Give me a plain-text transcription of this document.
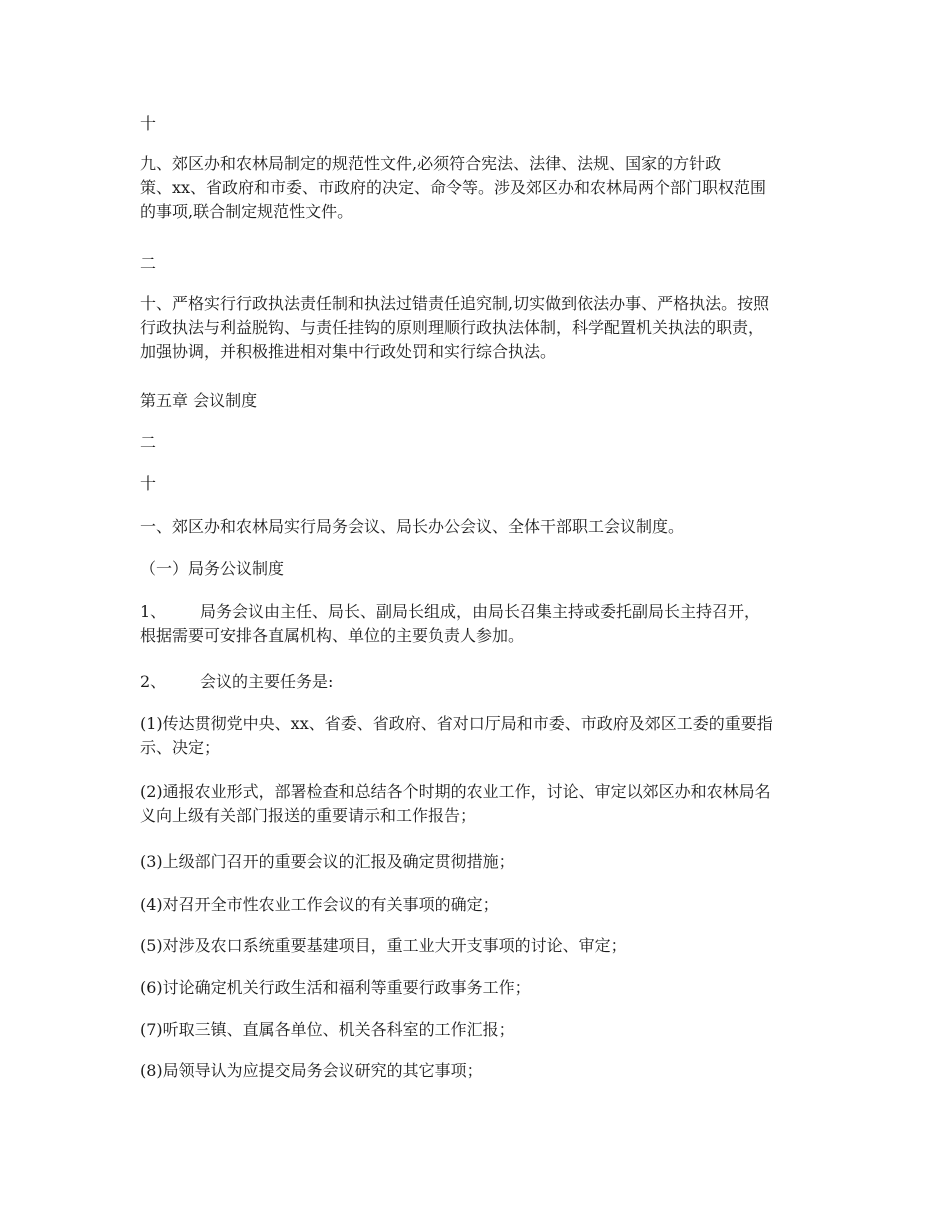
十

九、郊区办和农林局制定的规范性文件,必须符合宪法、法律、法规、国家的方针政
策、xx、省政府和市委、市政府的决定、命令等。涉及郊区办和农林局两个部门职权范围
的事项,联合制定规范性文件。

二

十、严格实行行政执法责任制和执法过错责任追究制,切实做到依法办事、严格执法。按照
行政执法与利益脱钩、与责任挂钩的原则理顺行政执法体制，科学配置机关执法的职责，
加强协调，并积极推进相对集中行政处罚和实行综合执法。

第五章 会议制度

二

十

一、郊区办和农林局实行局务会议、局长办公会议、全体干部职工会议制度。

（一）局务公议制度

1、 局务会议由主任、局长、副局长组成，由局长召集主持或委托副局长主持召开，
根据需要可安排各直属机构、单位的主要负责人参加。

2、 会议的主要任务是:

(1)传达贯彻党中央、xx、省委、省政府、省对口厅局和市委、市政府及郊区工委的重要指
示、决定；

(2)通报农业形式，部署检查和总结各个时期的农业工作，讨论、审定以郊区办和农林局名
义向上级有关部门报送的重要请示和工作报告；

(3)上级部门召开的重要会议的汇报及确定贯彻措施；

(4)对召开全市性农业工作会议的有关事项的确定；

(5)对涉及农口系统重要基建项目，重工业大开支事项的讨论、审定；

(6)讨论确定机关行政生活和福利等重要行政事务工作；

(7)听取三镇、直属各单位、机关各科室的工作汇报；

(8)局领导认为应提交局务会议研究的其它事项；
